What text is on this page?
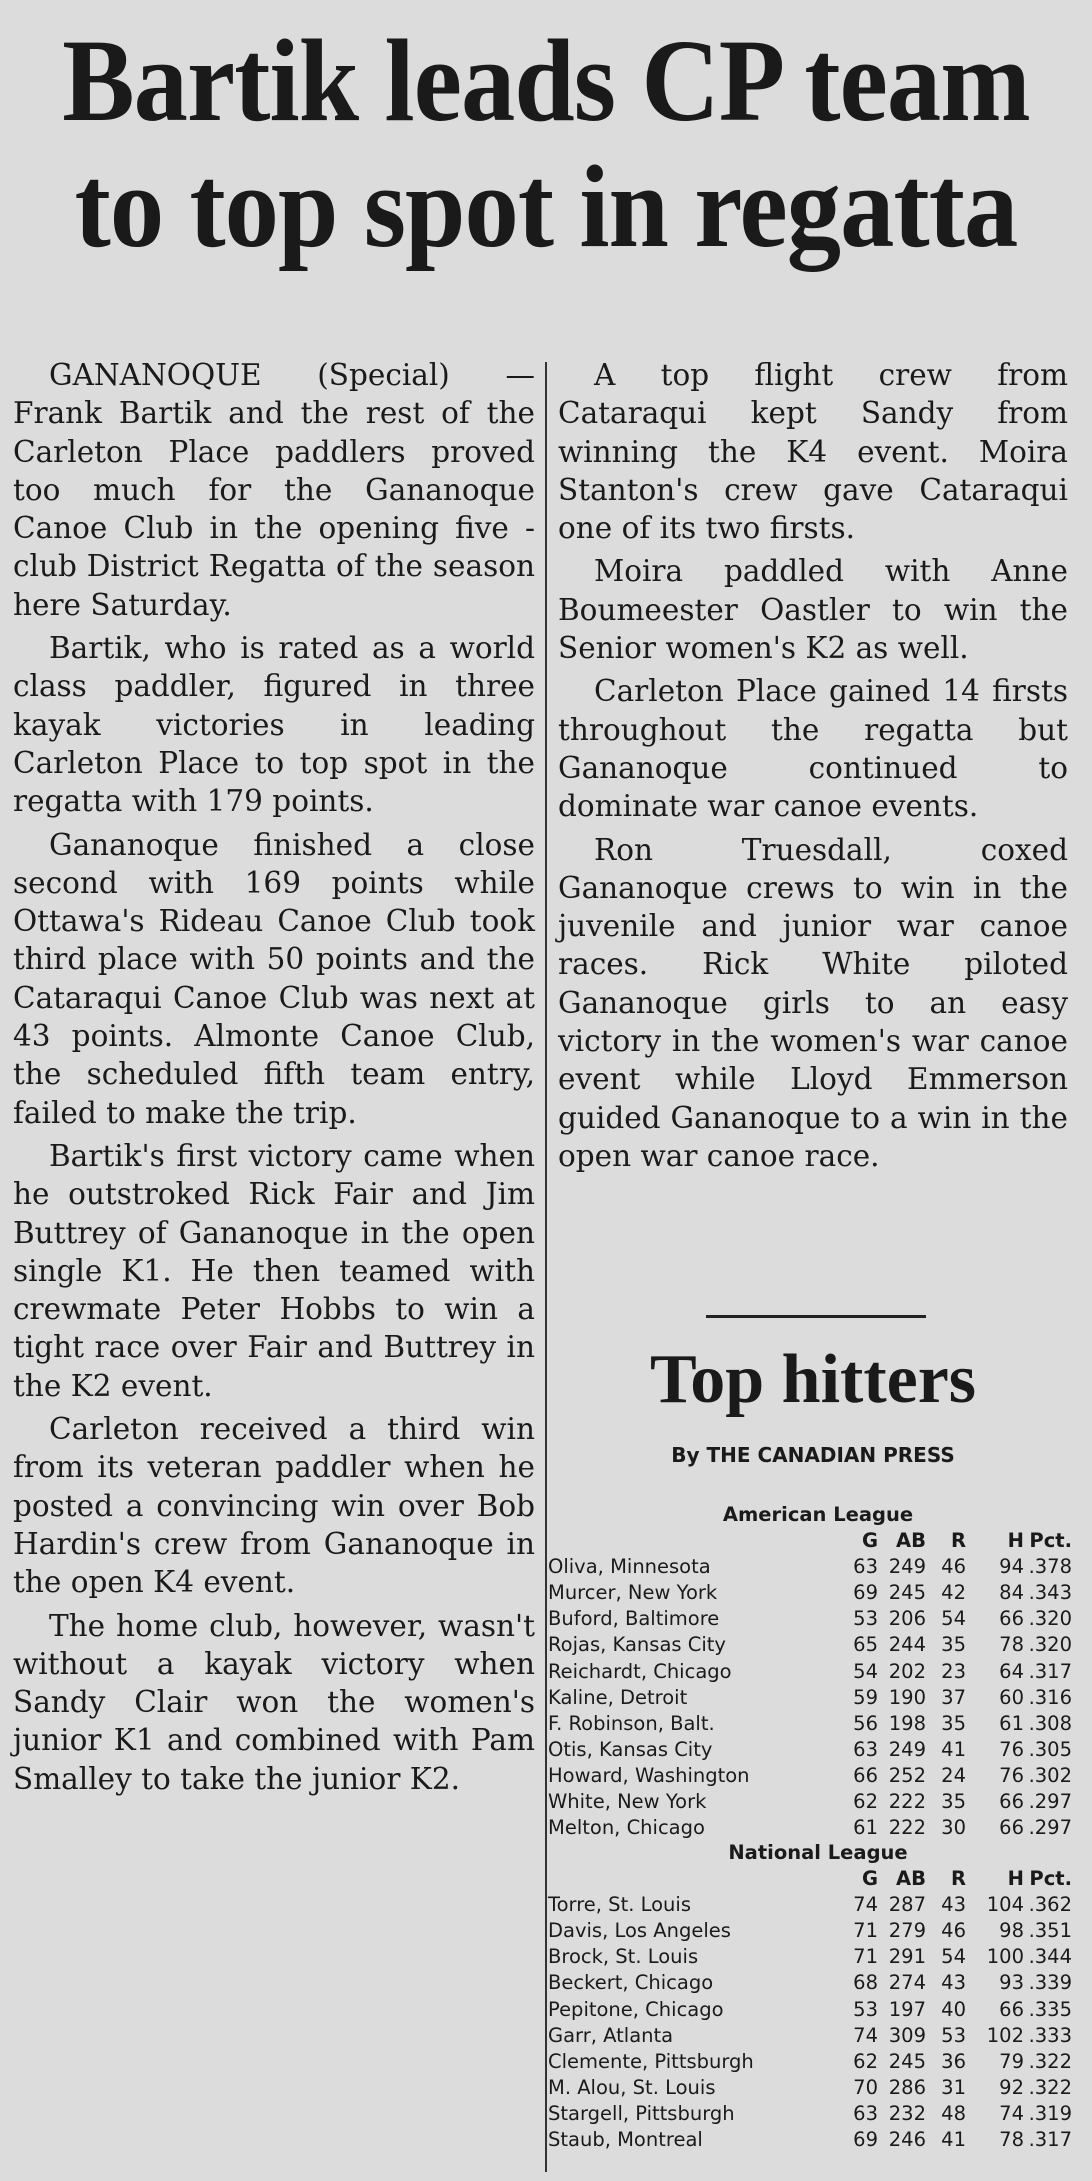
Bartik leads CP team
to top spot in regatta

GANANOQUE (Special) — Frank Bartik and the rest of the Carleton Place paddlers proved too much for the Gananoque Canoe Club in the opening five - club District Regatta of the season here Saturday.

Bartik, who is rated as a world class paddler, figured in three kayak victories in leading Carleton Place to top spot in the regatta with 179 points.

Gananoque finished a close second with 169 points while Ottawa's Rideau Canoe Club took third place with 50 points and the Cataraqui Canoe Club was next at 43 points. Almonte Canoe Club, the scheduled fifth team entry, failed to make the trip.

Bartik's first victory came when he outstroked Rick Fair and Jim Buttrey of Gananoque in the open single K1. He then teamed with crewmate Peter Hobbs to win a tight race over Fair and Buttrey in the K2 event.

Carleton received a third win from its veteran paddler when he posted a convincing win over Bob Hardin's crew from Gananoque in the open K4 event.

The home club, however, wasn't without a kayak victory when Sandy Clair won the women's junior K1 and combined with Pam Smalley to take the junior K2.

A top flight crew from Cataraqui kept Sandy from winning the K4 event. Moira Stanton's crew gave Cataraqui one of its two firsts.

Moira paddled with Anne Boumeester Oastler to win the Senior women's K2 as well.

Carleton Place gained 14 firsts throughout the regatta but Gananoque continued to dominate war canoe events.

Ron Truesdall, coxed Gananoque crews to win in the juvenile and junior war canoe races. Rick White piloted Gananoque girls to an easy victory in the women's war canoe event while Lloyd Emmerson guided Gananoque to a win in the open war canoe race.

Top hitters
By THE CANADIAN PRESS
American League
G AB	R	H Pct.
Oliva, Minnesota	63 249 46	94 .378
Murcer, New York	69 245 42	84 .343
Buford, Baltimore	53 206 54	66 .320
Rojas, Kansas City	65 244 35	78 .320
Reichardt, Chicago	54 202 23	64 .317
Kaline, Detroit	59 190 37	60 .316
F. Robinson, Balt.	56 198 35	61 .308
Otis, Kansas City	63 249 41	76 .305
Howard, Washington	66 252 24	76 .302
White, New York	62 222 35	66 .297
Melton, Chicago	61 222 30	66 .297
National League
G AB	R	H Pct.
Torre, St. Louis	74 287 43	104 .362
Davis, Los Angeles	71 279 46	98 .351
Brock, St. Louis	71 291 54	100 .344
Beckert, Chicago	68 274 43	93 .339
Pepitone, Chicago	53 197 40	66 .335
Garr, Atlanta	74 309 53	102 .333
Clemente, Pittsburgh	62 245 36	79 .322
M. Alou, St. Louis	70 286 31	92 .322
Stargell, Pittsburgh	63 232 48	74 .319
Staub, Montreal	69 246 41	78 .317
